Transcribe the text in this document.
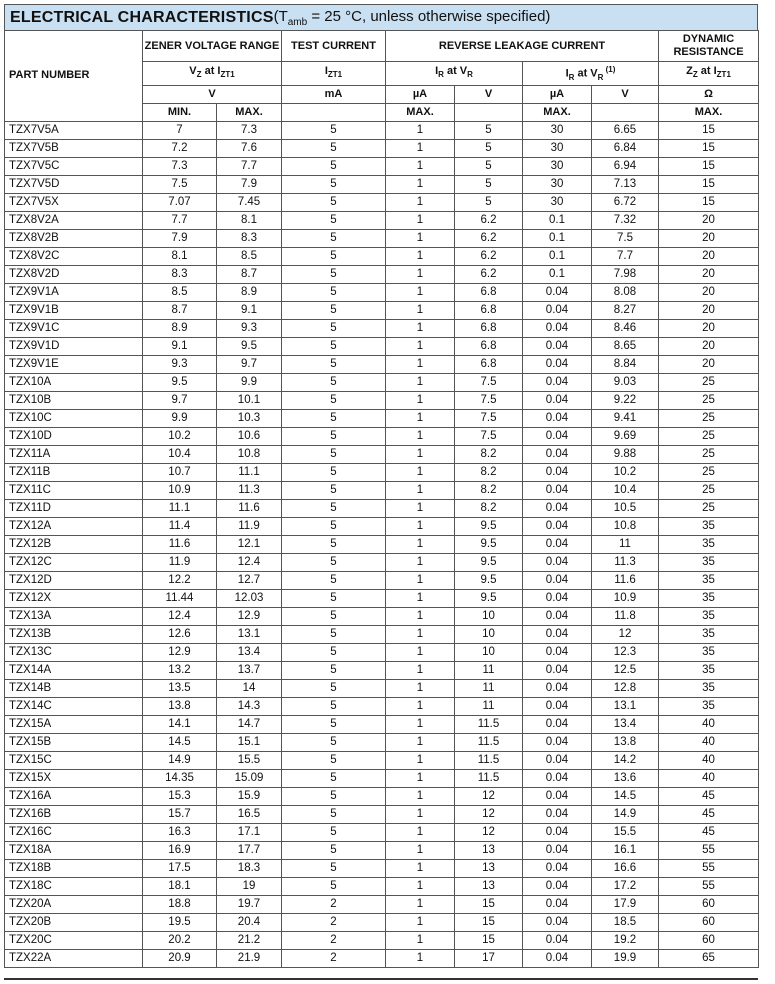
ELECTRICAL CHARACTERISTICS ($T_{amb} = 25$ °C, unless otherwise specified)
PART NUMBER	ZENER VOLTAGE RANGE		TEST CURRENT	REVERSE LEAKAGE CURRENT				DYNAMIC RESISTANCE
	$V_Z$ at $I_{ZT1}$		$I_{ZT1}$	$I_R$ at $V_R$		$I_R$ at $V_R$ $^{(1)}$		$Z_Z$ at $I_{ZT1}$
	V		mA	µA	V	µA	V	Ω
	MIN.	MAX.		MAX.		MAX.		MAX.
TZX7V5A	7	7.3	5	1	5	30	6.65	15
TZX7V5B	7.2	7.6	5	1	5	30	6.84	15
TZX7V5C	7.3	7.7	5	1	5	30	6.94	15
TZX7V5D	7.5	7.9	5	1	5	30	7.13	15
TZX7V5X	7.07	7.45	5	1	5	30	6.72	15
TZX8V2A	7.7	8.1	5	1	6.2	0.1	7.32	20
TZX8V2B	7.9	8.3	5	1	6.2	0.1	7.5	20
TZX8V2C	8.1	8.5	5	1	6.2	0.1	7.7	20
TZX8V2D	8.3	8.7	5	1	6.2	0.1	7.98	20
TZX9V1A	8.5	8.9	5	1	6.8	0.04	8.08	20
TZX9V1B	8.7	9.1	5	1	6.8	0.04	8.27	20
TZX9V1C	8.9	9.3	5	1	6.8	0.04	8.46	20
TZX9V1D	9.1	9.5	5	1	6.8	0.04	8.65	20
TZX9V1E	9.3	9.7	5	1	6.8	0.04	8.84	20
TZX10A	9.5	9.9	5	1	7.5	0.04	9.03	25
TZX10B	9.7	10.1	5	1	7.5	0.04	9.22	25
TZX10C	9.9	10.3	5	1	7.5	0.04	9.41	25
TZX10D	10.2	10.6	5	1	7.5	0.04	9.69	25
TZX11A	10.4	10.8	5	1	8.2	0.04	9.88	25
TZX11B	10.7	11.1	5	1	8.2	0.04	10.2	25
TZX11C	10.9	11.3	5	1	8.2	0.04	10.4	25
TZX11D	11.1	11.6	5	1	8.2	0.04	10.5	25
TZX12A	11.4	11.9	5	1	9.5	0.04	10.8	35
TZX12B	11.6	12.1	5	1	9.5	0.04	11	35
TZX12C	11.9	12.4	5	1	9.5	0.04	11.3	35
TZX12D	12.2	12.7	5	1	9.5	0.04	11.6	35
TZX12X	11.44	12.03	5	1	9.5	0.04	10.9	35
TZX13A	12.4	12.9	5	1	10	0.04	11.8	35
TZX13B	12.6	13.1	5	1	10	0.04	12	35
TZX13C	12.9	13.4	5	1	10	0.04	12.3	35
TZX14A	13.2	13.7	5	1	11	0.04	12.5	35
TZX14B	13.5	14	5	1	11	0.04	12.8	35
TZX14C	13.8	14.3	5	1	11	0.04	13.1	35
TZX15A	14.1	14.7	5	1	11.5	0.04	13.4	40
TZX15B	14.5	15.1	5	1	11.5	0.04	13.8	40
TZX15C	14.9	15.5	5	1	11.5	0.04	14.2	40
TZX15X	14.35	15.09	5	1	11.5	0.04	13.6	40
TZX16A	15.3	15.9	5	1	12	0.04	14.5	45
TZX16B	15.7	16.5	5	1	12	0.04	14.9	45
TZX16C	16.3	17.1	5	1	12	0.04	15.5	45
TZX18A	16.9	17.7	5	1	13	0.04	16.1	55
TZX18B	17.5	18.3	5	1	13	0.04	16.6	55
TZX18C	18.1	19	5	1	13	0.04	17.2	55
TZX20A	18.8	19.7	2	1	15	0.04	17.9	60
TZX20B	19.5	20.4	2	1	15	0.04	18.5	60
TZX20C	20.2	21.2	2	1	15	0.04	19.2	60
TZX22A	20.9	21.9	2	1	17	0.04	19.9	65
